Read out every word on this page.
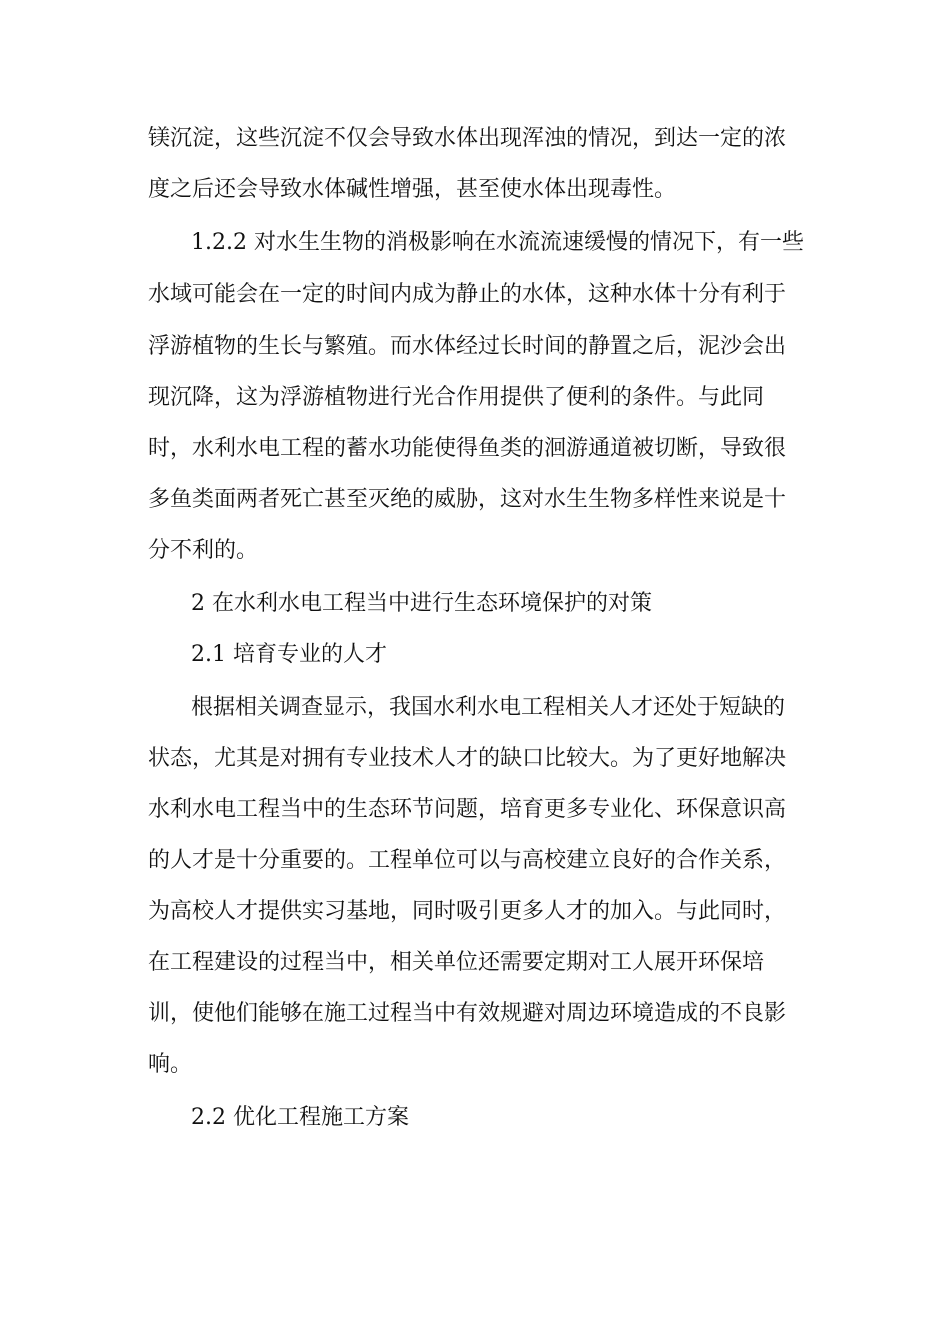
镁沉淀，这些沉淀不仅会导致水体出现浑浊的情况，到达一定的浓
度之后还会导致水体碱性增强，甚至使水体出现毒性。
1.2.2 对水生生物的消极影响在水流流速缓慢的情况下，有一些
水域可能会在一定的时间内成为静止的水体，这种水体十分有利于
浮游植物的生长与繁殖。而水体经过长时间的静置之后，泥沙会出
现沉降，这为浮游植物进行光合作用提供了便利的条件。与此同
时，水利水电工程的蓄水功能使得鱼类的洄游通道被切断，导致很
多鱼类面两者死亡甚至灭绝的威胁，这对水生生物多样性来说是十
分不利的。
2 在水利水电工程当中进行生态环境保护的对策
2.1 培育专业的人才
根据相关调查显示，我国水利水电工程相关人才还处于短缺的
状态，尤其是对拥有专业技术人才的缺口比较大。为了更好地解决
水利水电工程当中的生态环节问题，培育更多专业化、环保意识高
的人才是十分重要的。工程单位可以与高校建立良好的合作关系，
为高校人才提供实习基地，同时吸引更多人才的加入。与此同时，
在工程建设的过程当中，相关单位还需要定期对工人展开环保培
训，使他们能够在施工过程当中有效规避对周边环境造成的不良影
响。
2.2 优化工程施工方案
